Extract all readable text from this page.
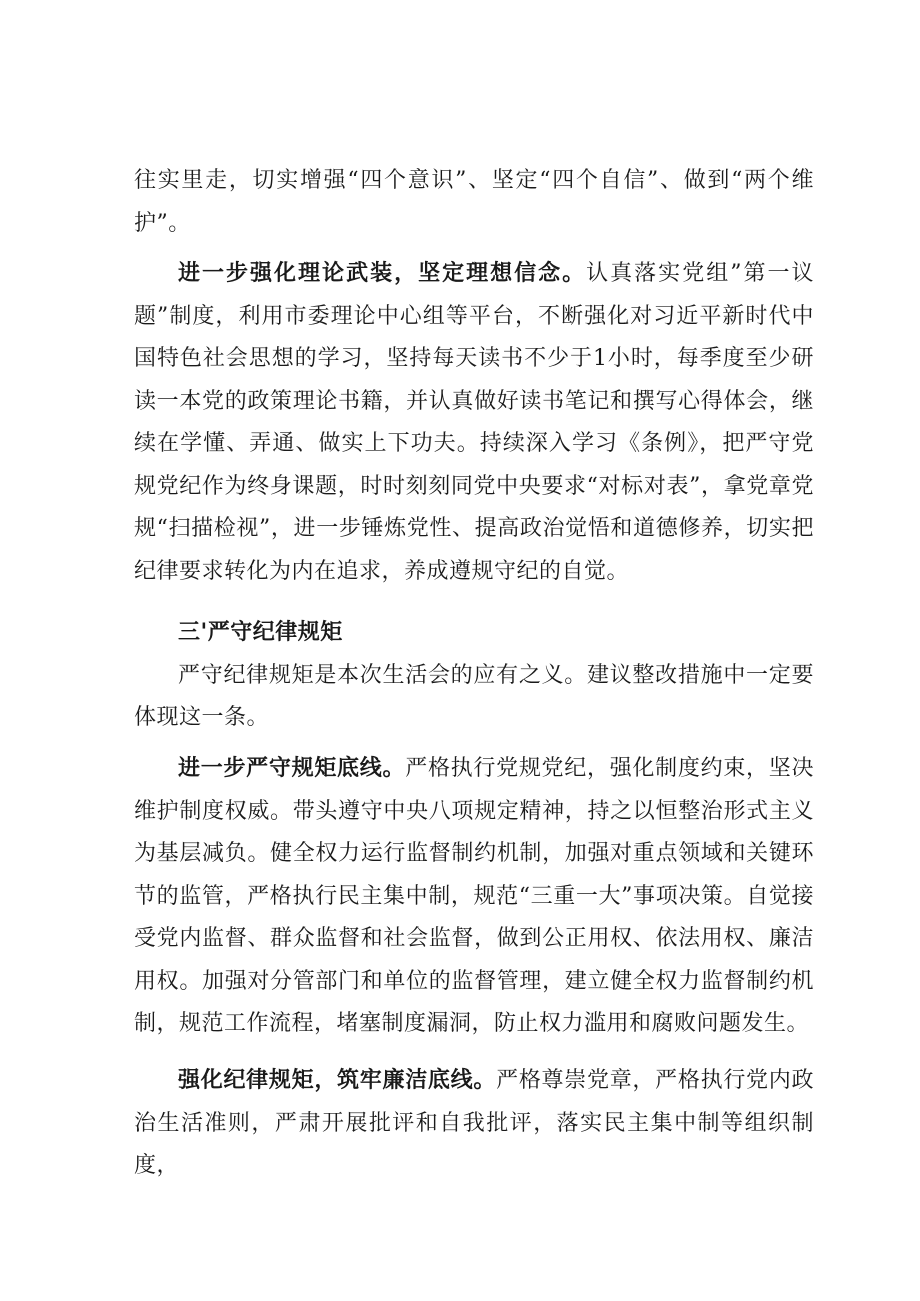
往实里走，切实增强“四个意识”、坚定“四个自信”、做到“两个维护”。

进一步强化理论武装，坚定理想信念。认真落实党组”第一议题”制度，利用市委理论中心组等平台，不断强化对习近平新时代中国特色社会思想的学习，坚持每天读书不少于1小时，每季度至少研读一本党的政策理论书籍，并认真做好读书笔记和撰写心得体会，继续在学懂、弄通、做实上下功夫。持续深入学习《条例》，把严守党规党纪作为终身课题，时时刻刻同党中央要求“对标对表”，拿党章党规“扫描检视”，进一步锤炼党性、提高政治觉悟和道德修养，切实把纪律要求转化为内在追求，养成遵规守纪的自觉。

三'严守纪律规矩

严守纪律规矩是本次生活会的应有之义。建议整改措施中一定要体现这一条。

进一步严守规矩底线。严格执行党规党纪，强化制度约束，坚决维护制度权威。带头遵守中央八项规定精神，持之以恒整治形式主义为基层减负。健全权力运行监督制约机制，加强对重点领域和关键环节的监管，严格执行民主集中制，规范“三重一大”事项决策。自觉接受党内监督、群众监督和社会监督，做到公正用权、依法用权、廉洁用权。加强对分管部门和单位的监督管理，建立健全权力监督制约机制，规范工作流程，堵塞制度漏洞，防止权力滥用和腐败问题发生。

强化纪律规矩，筑牢廉洁底线。严格尊崇党章，严格执行党内政治生活准则，严肃开展批评和自我批评，落实民主集中制等组织制度，
